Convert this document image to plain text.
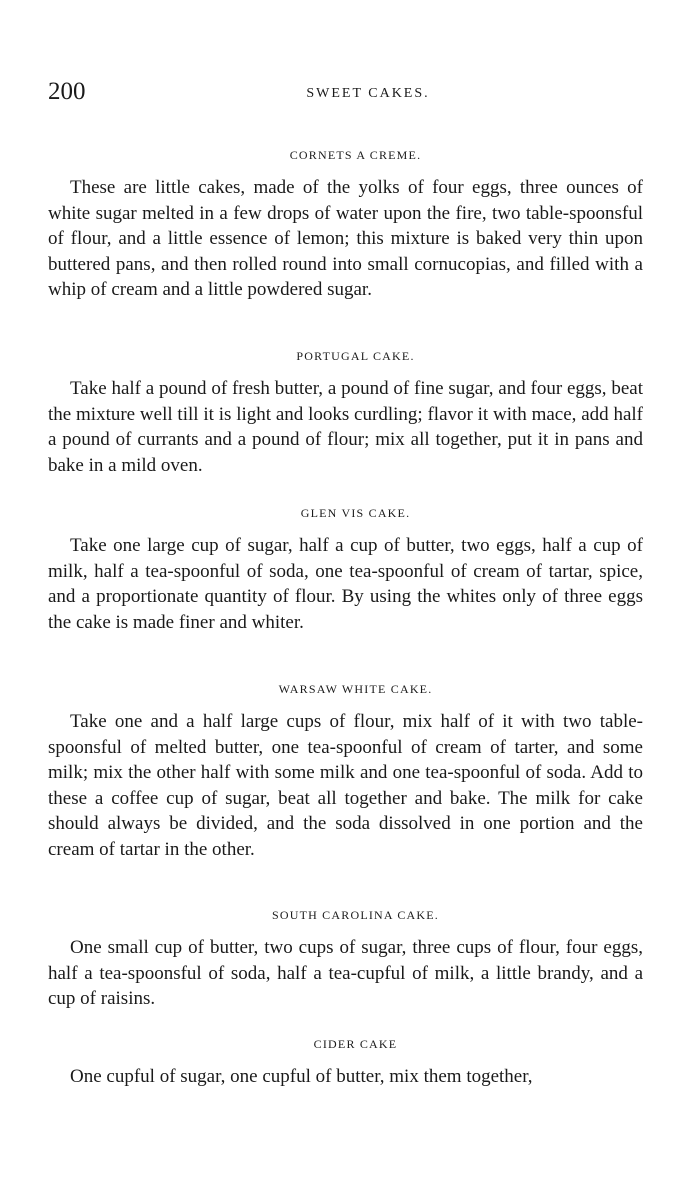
200	SWEET CAKES.
CORNETS A CREME.

These are little cakes, made of the yolks of four eggs, three ounces of white sugar melted in a few drops of water upon the fire, two table-spoonsful of flour, and a little essence of lemon; this mixture is baked very thin upon buttered pans, and then rolled round into small cornucopias, and filled with a whip of cream and a little powdered sugar.

PORTUGAL CAKE.

Take half a pound of fresh butter, a pound of fine sugar, and four eggs, beat the mixture well till it is light and looks curdling; flavor it with mace, add half a pound of currants and a pound of flour; mix all together, put it in pans and bake in a mild oven.

GLEN VIS CAKE.

Take one large cup of sugar, half a cup of butter, two eggs, half a cup of milk, half a tea-spoonful of soda, one tea-spoonful of cream of tartar, spice, and a proportionate quantity of flour. By using the whites only of three eggs the cake is made finer and whiter.

WARSAW WHITE CAKE.

Take one and a half large cups of flour, mix half of it with two table-spoonsful of melted butter, one tea-spoonful of cream of tarter, and some milk; mix the other half with some milk and one tea-spoonful of soda. Add to these a coffee cup of sugar, beat all together and bake. The milk for cake should always be divided, and the soda dissolved in one portion and the cream of tartar in the other.

SOUTH CAROLINA CAKE.

One small cup of butter, two cups of sugar, three cups of flour, four eggs, half a tea-spoonsful of soda, half a tea-cupful of milk, a little brandy, and a cup of raisins.

CIDER CAKE

One cupful of sugar, one cupful of butter, mix them together,
